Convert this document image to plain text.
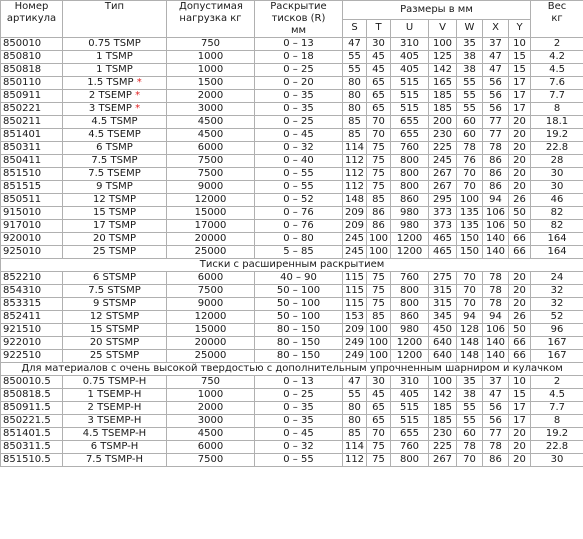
Номер артикула	Тип	Допустимая нагрузка кг	Раскрытие тисков (R) мм	Размеры в мм							Вес кг
				S	T	U	V	W	X	Y	
850010	0.75 TSMP	750	0 – 13	47	30	310	100	35	37	10	2
850810	1 TSMP	1000	0 – 18	55	45	405	125	38	47	15	4.2
850818	1 TSMP	1000	0 – 25	55	45	405	142	38	47	15	4.5
850110	1.5 TSMP *	1500	0 – 20	80	65	515	165	55	56	17	7.6
850911	2 TSEMP *	2000	0 – 35	80	65	515	185	55	56	17	7.7
850221	3 TSEMP *	3000	0 – 35	80	65	515	185	55	56	17	8
850211	4.5 TSMP	4500	0 – 25	85	70	655	200	60	77	20	18.1
851401	4.5 TSEMP	4500	0 – 45	85	70	655	230	60	77	20	19.2
850311	6 TSMP	6000	0 – 32	114	75	760	225	78	78	20	22.8
850411	7.5 TSMP	7500	0 – 40	112	75	800	245	76	86	20	28
851510	7.5 TSEMP	7500	0 – 55	112	75	800	267	70	86	20	30
851515	9 TSMP	9000	0 – 55	112	75	800	267	70	86	20	30
850511	12 TSMP	12000	0 – 52	148	85	860	295	100	94	26	46
915010	15 TSMP	15000	0 – 76	209	86	980	373	135	106	50	82
917010	17 TSMP	17000	0 – 76	209	86	980	373	135	106	50	82
920010	20 TSMP	20000	0 – 80	245	100	1200	465	150	140	66	164
925010	25 TSMP	25000	5 – 85	245	100	1200	465	150	140	66	164
Тиски с расширенным раскрытием											
852210	6 STSMP	6000	40 – 90	115	75	760	275	70	78	20	24
854310	7.5 STSMP	7500	50 – 100	115	75	800	315	70	78	20	32
853315	9 STSMP	9000	50 – 100	115	75	800	315	70	78	20	32
852411	12 STSMP	12000	50 – 100	153	85	860	345	94	94	26	52
921510	15 STSMP	15000	80 – 150	209	100	980	450	128	106	50	96
922010	20 STSMP	20000	80 – 150	249	100	1200	640	148	140	66	167
922510	25 STSMP	25000	80 – 150	249	100	1200	640	148	140	66	167
Для материалов с очень высокой твердостью с дополнительным упрочненным шарниром и кулачком											
850010.5	0.75 TSMP-H	750	0 – 13	47	30	310	100	35	37	10	2
850818.5	1 TSEMP-H	1000	0 – 25	55	45	405	142	38	47	15	4.5
850911.5	2 TSEMP-H	2000	0 – 35	80	65	515	185	55	56	17	7.7
850221.5	3 TSEMP-H	3000	0 – 35	80	65	515	185	55	56	17	8
851401.5	4.5 TSEMP-H	4500	0 – 45	85	70	655	230	60	77	20	19.2
850311.5	6 TSMP-H	6000	0 – 32	114	75	760	225	78	78	20	22.8
851510.5	7.5 TSMP-H	7500	0 – 55	112	75	800	267	70	86	20	30
